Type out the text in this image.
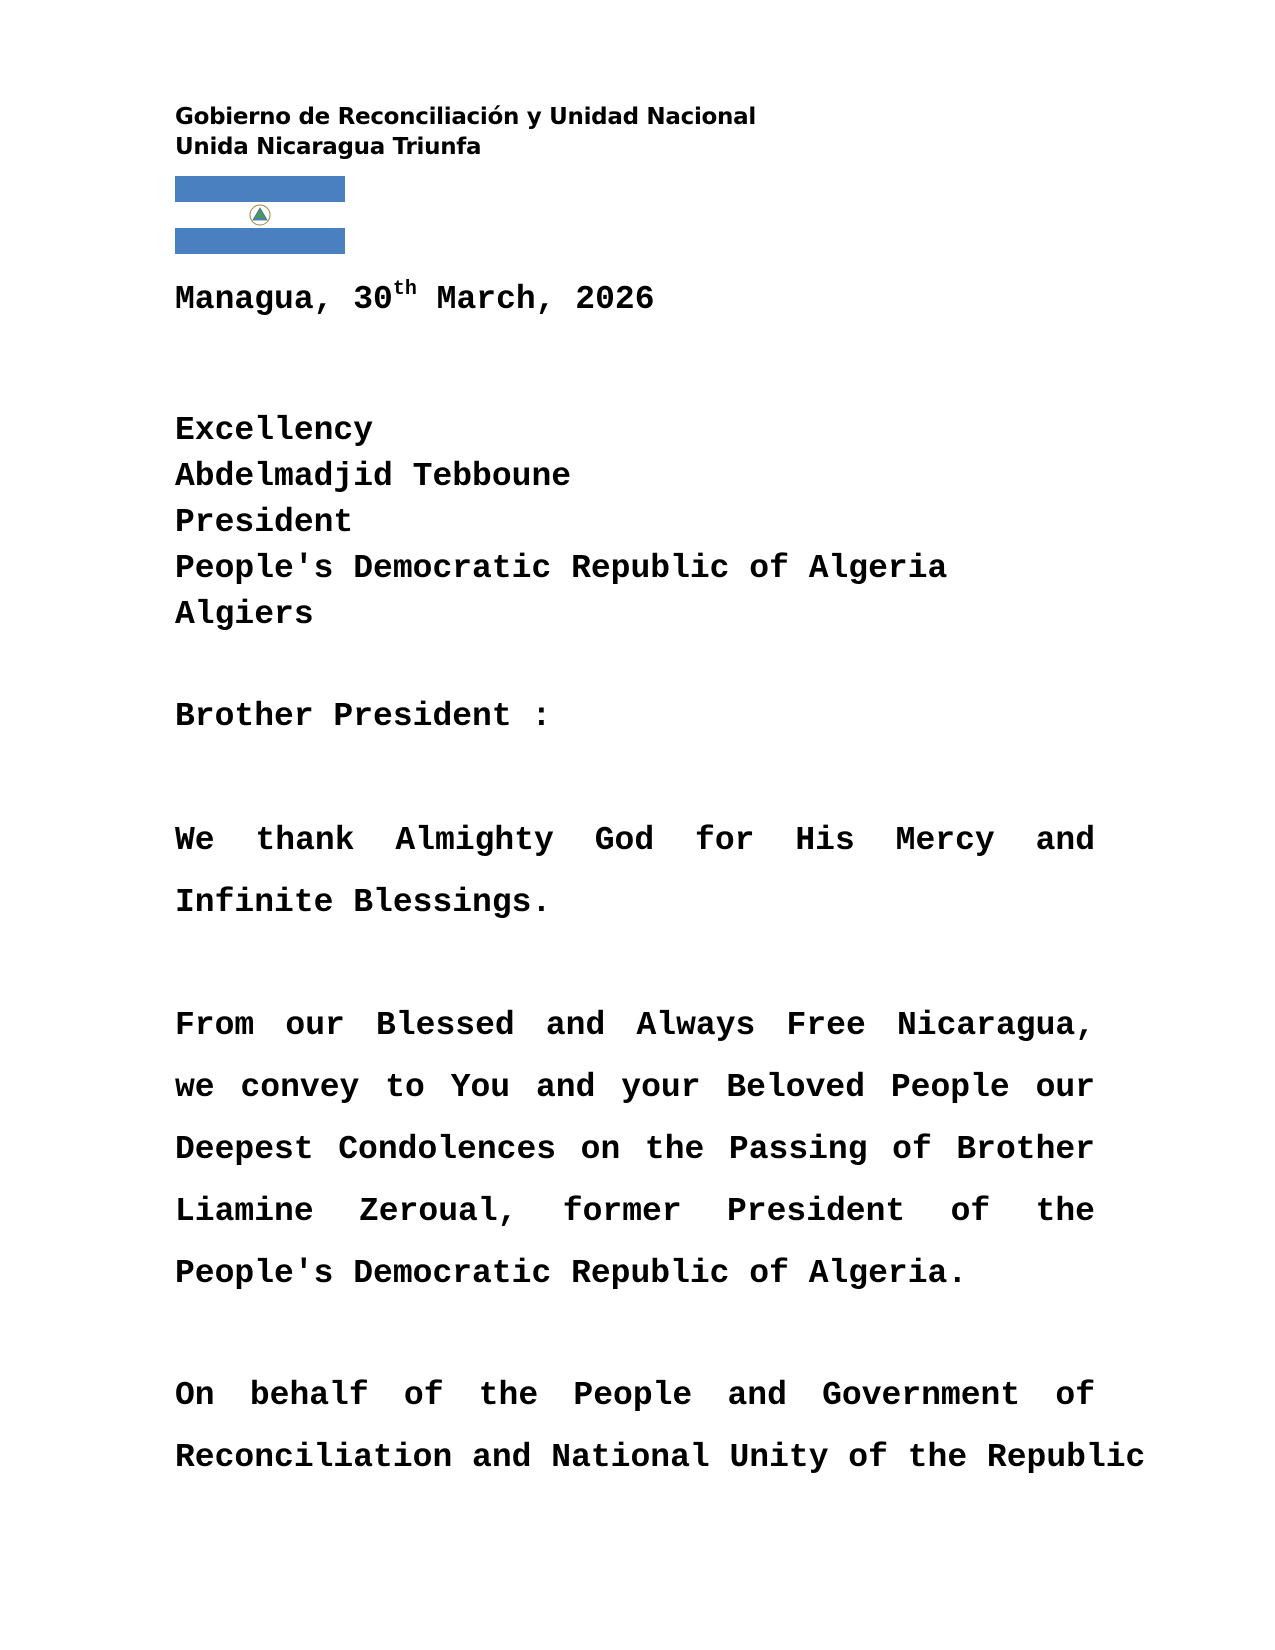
Gobierno de Reconciliación y Unidad Nacional
Unida Nicaragua Triunfa
Managua, 30th March, 2026
Excellency
Abdelmadjid Tebboune
President
People's Democratic Republic of Algeria
Algiers
Brother President :
We thank Almighty God for His Mercy and
Infinite Blessings.
From our Blessed and Always Free Nicaragua,
we convey to You and your Beloved People our
Deepest Condolences on the Passing of Brother
Liamine Zeroual, former President of the
People's Democratic Republic of Algeria.
On behalf of the People and Government of
Reconciliation and National Unity of the Republic
